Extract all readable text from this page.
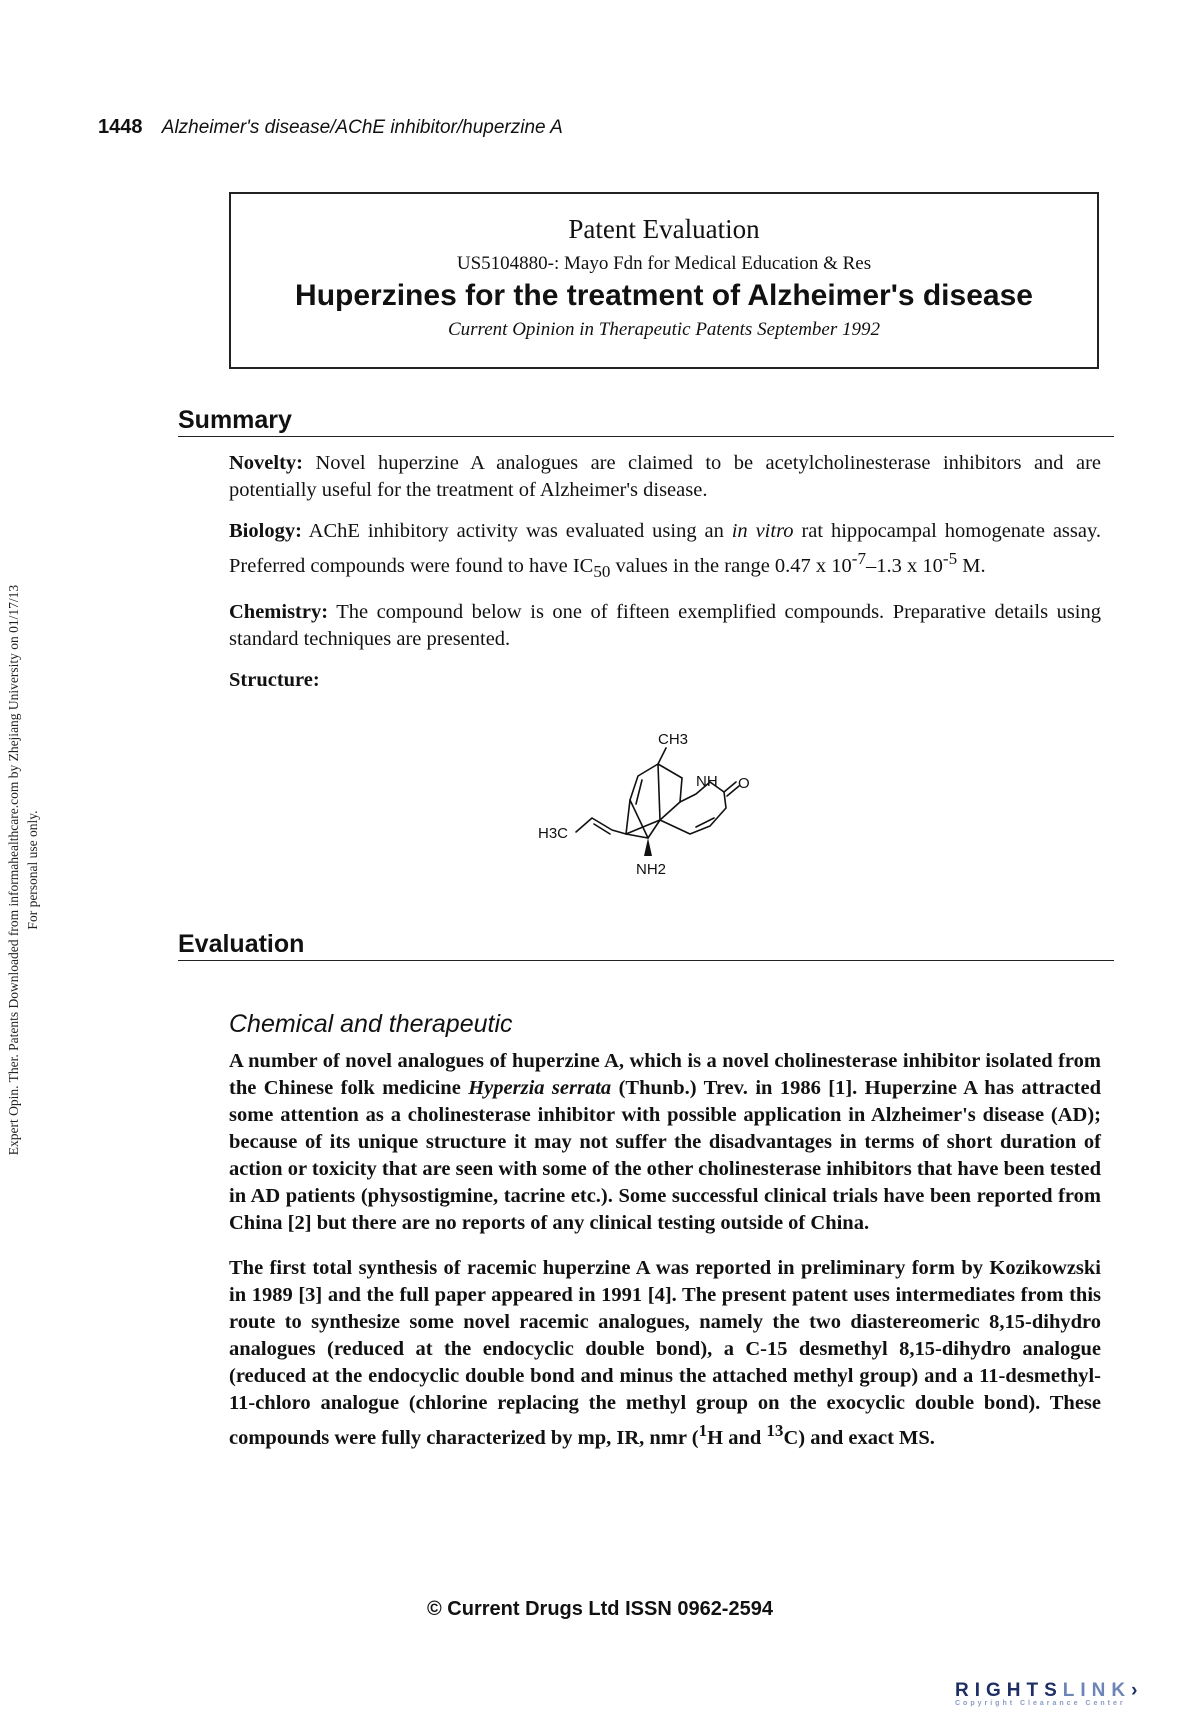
Expert Opin. Ther. Patents Downloaded from informahealthcare.com by Zhejiang University on 01/17/13 For personal use only.
1448 Alzheimer's disease/AChE inhibitor/huperzine A
Patent Evaluation
US5104880-: Mayo Fdn for Medical Education & Res
Huperzines for the treatment of Alzheimer's disease
Current Opinion in Therapeutic Patents September 1992
Summary

Novelty: Novel huperzine A analogues are claimed to be acetylcholinesterase inhibitors and are potentially useful for the treatment of Alzheimer's disease.

Biology: AChE inhibitory activity was evaluated using an in vitro rat hippocampal homogenate assay. Preferred compounds were found to have $IC_{50}$ values in the range 0.47 x $10^{-7}-1.3$ x $10^{-5}$ M.

Chemistry: The compound below is one of fifteen exemplified compounds. Preparative details using standard techniques are presented.

Structure:

CH3
NH O
H3C
NH2
Evaluation
Chemical and therapeutic

A number of novel analogues of huperzine A, which is a novel cholinesterase inhibitor isolated from the Chinese folk medicine Hyperzia serrata (Thunb.) Trev. in 1986 [1]. Huperzine A has attracted some attention as a cholinesterase inhibitor with possible application in Alzheimer's disease (AD); because of its unique structure it may not suffer the disadvantages in terms of short duration of action or toxicity that are seen with some of the other cholinesterase inhibitors that have been tested in AD patients (physostigmine, tacrine etc.). Some successful clinical trials have been reported from China [2] but there are no reports of any clinical testing outside of China.

The first total synthesis of racemic huperzine A was reported in preliminary form by Kozikowzski in 1989 [3] and the full paper appeared in 1991 [4]. The present patent uses intermediates from this route to synthesize some novel racemic analogues, namely the two diastereomeric 8,15-dihydro analogues (reduced at the endocyclic double bond), a C-15 desmethyl 8,15-dihydro analogue (reduced at the endocyclic double bond and minus the attached methyl group) and a 11-desmethyl-11-chloro analogue (chlorine replacing the methyl group on the exocyclic double bond). These compounds were fully characterized by mp, IR, nmr ($^1$H and $^{13}$C) and exact MS.

© Current Drugs Ltd ISSN 0962-2594
RIGHTSLINK›
Copyright Clearance Center
